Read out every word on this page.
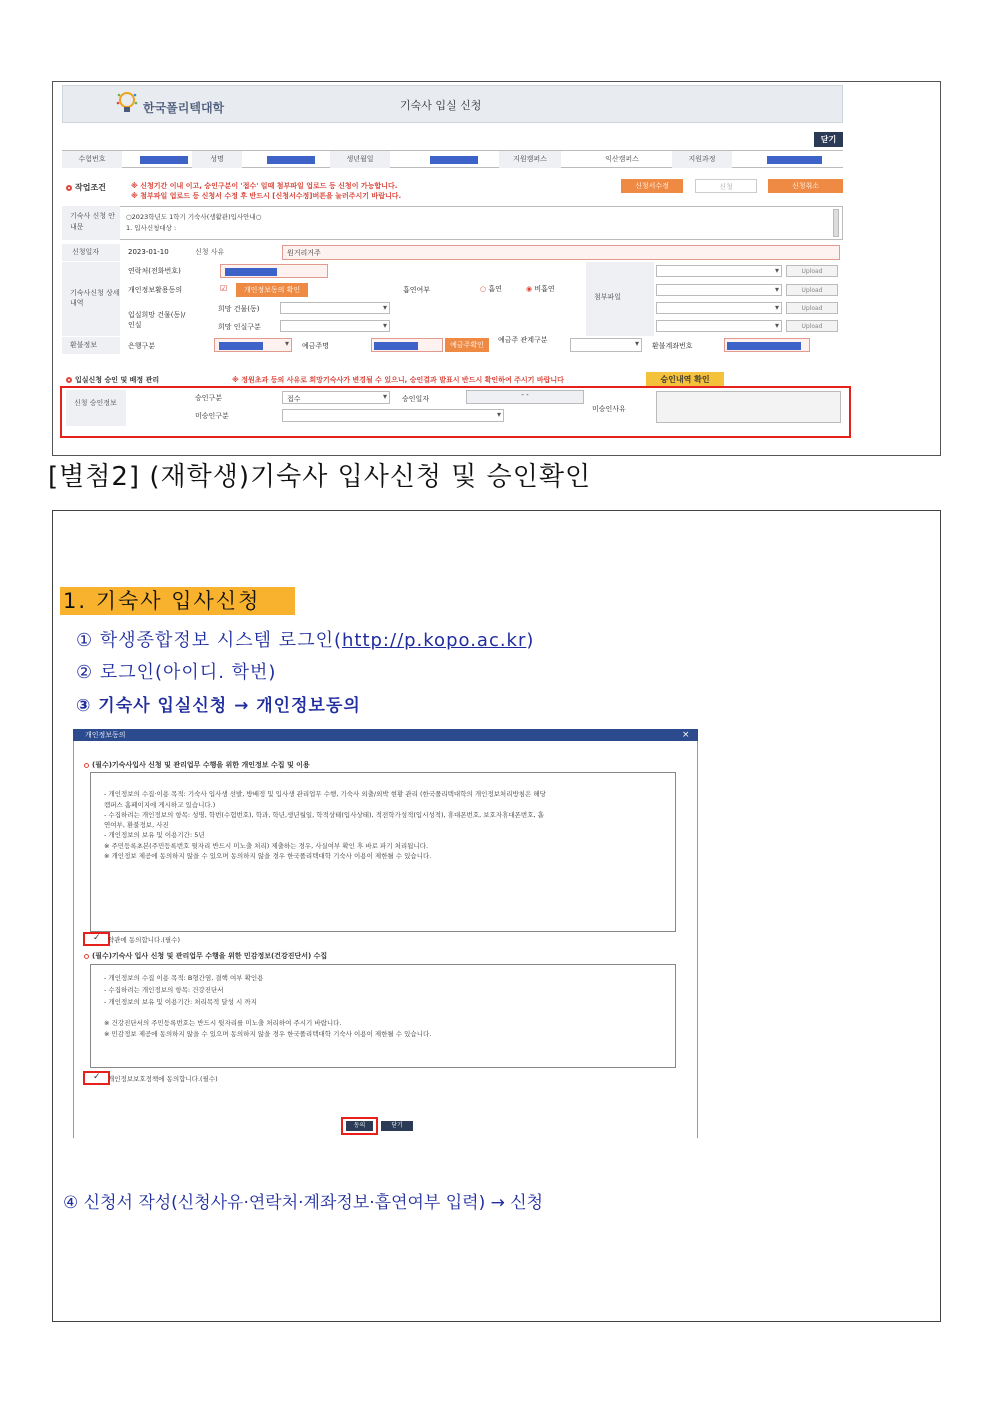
한국폴리텍대학	기숙사 입실 신청
닫기
수험번호	성명	생년월일	지원캠퍼스	익산캠퍼스	지원과정
작업조건	※ 신청기간 이내 이고, 승인구분이 '접수' 일때 첨부파일 업로드 등 신청이 가능합니다.
※ 첨부파일 업로드 등 신청서 수정 후 반드시 [신청서수정]버튼을 눌러주시기 바랍니다.
신청서수정	신청	신청취소
기숙사 신청 안내문
○2023학년도 1학기 기숙사(생활관)입사안내○
1. 입사신청대상 :
신청일자	2023-01-10	신청 사유	원거리거주
기숙사신청 상세내역
연락처(전화번호)
개인정보활용동의	☑	개인정보동의 확인	흡연여부	○ 흡연	◉ 비흡연
입실희망 건물(동)/인실
희망 건물(동)
▾
희망 인실구분
▾
첨부파일
▾
Upload
▾
Upload
▾
Upload
▾
Upload
환불정보	은행구분
▾	예금주명	예금주확인
예금주 관계구분
▾
환불계좌번호
입실신청 승인 및 배정 관리	※ 정원초과 등의 사유로 희망기숙사가 변경될 수 있으니, 승인결과 발표시 반드시 확인하여 주시기 바랍니다	승인내역 확인
신청 승인정보
승인구분	접수 ▾	승인일자	- -
미승인구분
▾
미승인사유
[별첨2] (재학생)기숙사 입사신청 및 승인확인
1. 기숙사 입사신청
① 학생종합정보 시스템 로그인(http://p.kopo.ac.kr)
② 로그인(아이디. 학번)
③ 기숙사 입실신청 → 개인정보동의
개인정보동의	×
(필수)기숙사입사 신청 및 관리업무 수행을 위한 개인정보 수집 및 이용
- 개인정보의 수집·이용 목적: 기숙사 입사생 선발, 방배정 및 입사생 관리업무 수행, 기숙사 외출/외박 현황 관리 (한국폴리텍대학의 개인정보처리방침은 해당
캠퍼스 홈페이지에 게시하고 있습니다.)
- 수집하려는 개인정보의 항목: 성명, 학번(수험번호), 학과, 학년,생년월일, 학적상태(입사상태), 적전학가성적(입시성적), 휴대폰번호, 보호자휴대폰번호, 흡
연여부, 환불정보, 사진
- 개인정보의 보유 및 이용기간: 5년
※ 주민등록초본(주민등록번호 뒷자리 반드시 미노출 처리) 제출하는 경우, 사실여부 확인 후 바로 파기 처리됩니다.
※ 개인정보 제공에 동의하지 않을 수 있으며 동의하지 않을 경우 한국폴리텍대학 기숙사 이용이 제한될 수 있습니다.
✓
약관에 동의합니다.(필수)
(필수)기숙사 입사 신청 및 관리업무 수행을 위한 민감정보(건강진단서) 수집
- 개인정보의 수집 이용 목적: B형간염, 결핵 여부 확인용
- 수집하려는 개인정보의 항목: 건강진단서
- 개인정보의 보유 및 이용기간: 처리목적 달성 시 까지
※ 건강진단서의 주민등록번호는 반드시 뒷자리를 미노출 처리하여 주시기 바랍니다.
※ 민감정보 제공에 동의하지 않을 수 있으며 동의하지 않을 경우 한국폴리텍대학 기숙사 이용이 제한될 수 있습니다.
✓
개인정보보호정책에 동의합니다.(필수)
동의	닫기
④ 신청서 작성(신청사유·연락처·계좌정보·흡연여부 입력) → 신청
